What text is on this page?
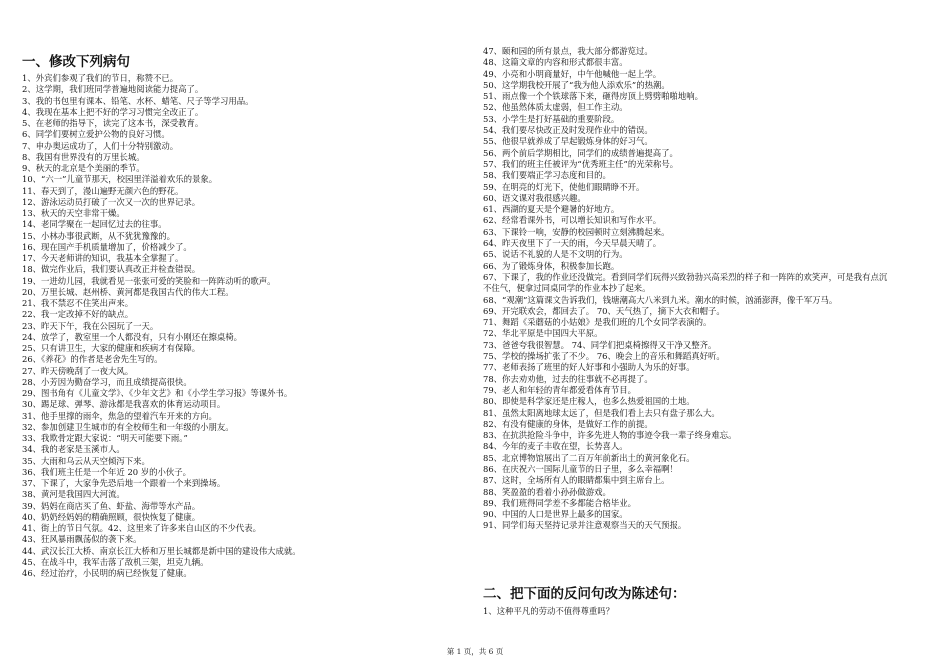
一、修改下列病句
1、外宾们参观了我们的节日，称赞不已。
2、这学期，我们班同学普遍地阅读能力提高了。
3、我的书包里有课本、铅笔、水杯、蜡笔、尺子等学习用品。
4、我现在基本上把不好的学习习惯完全改正了。
5、在老师的指导下，读完了这本书，深受教育。
6、同学们要树立爱护公物的良好习惯。
7、申办奥运成功了，人们十分特别激动。
8、我国有世界没有的万里长城。
9、秋天的北京是个美丽的季节。
10、“六一”儿童节那天，校园里洋溢着欢乐的景象。
11、春天到了，漫山遍野无颜六色的野花。
12、游泳运动员打破了一次又一次的世界记录。
13、秋天的天空非常干燥。
14、老同学聚在一起回忆过去的往事。
15、小林办事很武断，从不犹犹豫豫的。
16、现在国产手机质量增加了，价格减少了。
17、今天老师讲的知识，我基本全掌握了。
18、做完作业后，我们要认真改正并检查错误。
19、一进幼儿园，我就看见一张张可爱的笑脸和一阵阵动听的歌声。
20、万里长城、赵州桥、黄河都是我国古代的伟大工程。
21、我不禁忍不住笑出声来。
22、我一定改掉不好的缺点。
23、昨天下午，我在公园玩了一天。
24、放学了，教室里一个人都没有，只有小刚还在擦桌椅。
25、只有讲卫生，大家的健康和疾病才有保障。
26、《养花》的作者是老舍先生写的。
27、昨天傍晚刮了一夜大风。
28、小芳因为勤奋学习，而且成绩提高很快。
29、图书角有《儿童文学》、《少年文艺》和《小学生学习报》等课外书。
30、踢足球、弹琴、游泳都是我喜欢的体育运动项目。
31、他手里撑的雨伞，焦急的望着汽车开来的方向。
32、参加创建卫生城市的有全校师生和一年级的小朋友。
33、我欺骨定跟大家说：“明天可能要下雨。”
34、我的老家是玉溪市人。
35、大雨和乌云从天空倾泻下来。
36、我们班主任是一个年近 20 岁的小伙子。
37、下课了，大家争先恐后地一个跟着一个来到操场。
38、黄河是我国四大河流。
39、妈妈在商店买了鱼、虾盐、海带等水产品。
40、奶奶经妈妈的精确照顾，很快恢复了健康。
41、街上的节日气氛。42、这里来了许多来自山区的不少代表。
43、狂风暴雨飘荡似的袭下来。
44、武汉长江大桥、南京长江大桥和万里长城都是新中国的建设伟大成就。
45、在战斗中，我军击落了敌机三架，坦克九辆。
46、经过治疗，小民明的病已经恢复了健康。
47、颐和园的所有景点，我大部分都游览过。
48、这篇文章的内容和形式都很丰富。
49、小亮和小明商量好，中午他喊他一起上学。
50、这学期我校开展了“我为他人添欢乐”的热潮。
51、雨点像一个个铁球落下来，砸得房顶上劈劈啪啪地响。
52、他虽然体质太虚弱，但工作主动。
53、小学生是打好基础的重要阶段。
54、我们要尽快改正及时发现作业中的错误。
55、他很早就养成了早起锻炼身体的好习气。
56、两个前后学期相比，同学们的成绩普遍提高了。
57、我们的班主任被评为“优秀班主任”的光荣称号。
58、我们要端正学习态度和目的。
59、在明亮的灯光下，使他们眼睛睁不开。
60、语文课对我很感兴趣。
61、西湖的夏天是个避暑的好地方。
62、经常看课外书，可以增长知识和写作水平。
63、下课铃一响，安静的校园顿时立刻沸腾起来。
64、昨天夜里下了一天的雨，今天早晨天晴了。
65、说话不礼貌的人是不文明的行为。
66、为了锻炼身体，积极参加长跑。
67、下课了，我的作业还没做完。看到同学们玩得兴致勃勃兴高采烈的样子和一阵阵的欢笑声，可是我有点沉
不住气，便拿过同桌同学的作业本抄了起来。
68、“观潮”这篇课文告诉我们，钱塘潮高大八米到九米。潮水的时候，汹涌澎湃，像千军万马。
69、开完联欢会，都回去了。 70、天气热了，摘下大衣和帽子。
71、舞蹈《采蘑菇的小姑娘》是我们班的几个女同学表演的。
72、华北平原是中国四大平原。
73、爸爸夸我很智慧。 74、同学们把桌椅擦得又干净又整齐。
75、学校的操场扩张了不少。 76、晚会上的音乐和舞蹈真好听。
77、老师表扬了班里的好人好事和小强助人为乐的好事。
78、你去劝劝他，过去的往事就不必再提了。
79、老人和年轻的青年都爱看体育节目。
80、即使是科学家还是庄稼人，也多么热爱祖国的土地。
81、虽然太阳离地球太远了，但是我们看上去只有盘子那么大。
82、有没有健康的身体，是做好工作的前提。
83、在抗洪抢险斗争中，许多先进人物的事迹令我一辈子终身难忘。
84、今年的麦子丰收在望，长势喜人。
85、北京博物馆展出了二百万年前新出土的黄河象化石。
86、在庆祝六一国际儿童节的日子里，多么幸福啊！
87、这时，全场所有人的眼睛都集中到主席台上。
88、笑盈盈的看着小孙孙做游戏。
89、我们班得同学差不多都能合格毕业。
90、中国的人口是世界上最多的国家。
91、同学们每天坚持记录并注意观察当天的天气预报。
二、把下面的反问句改为陈述句：
1、这种平凡的劳动不值得尊重吗？
第 1 页，共 6 页
